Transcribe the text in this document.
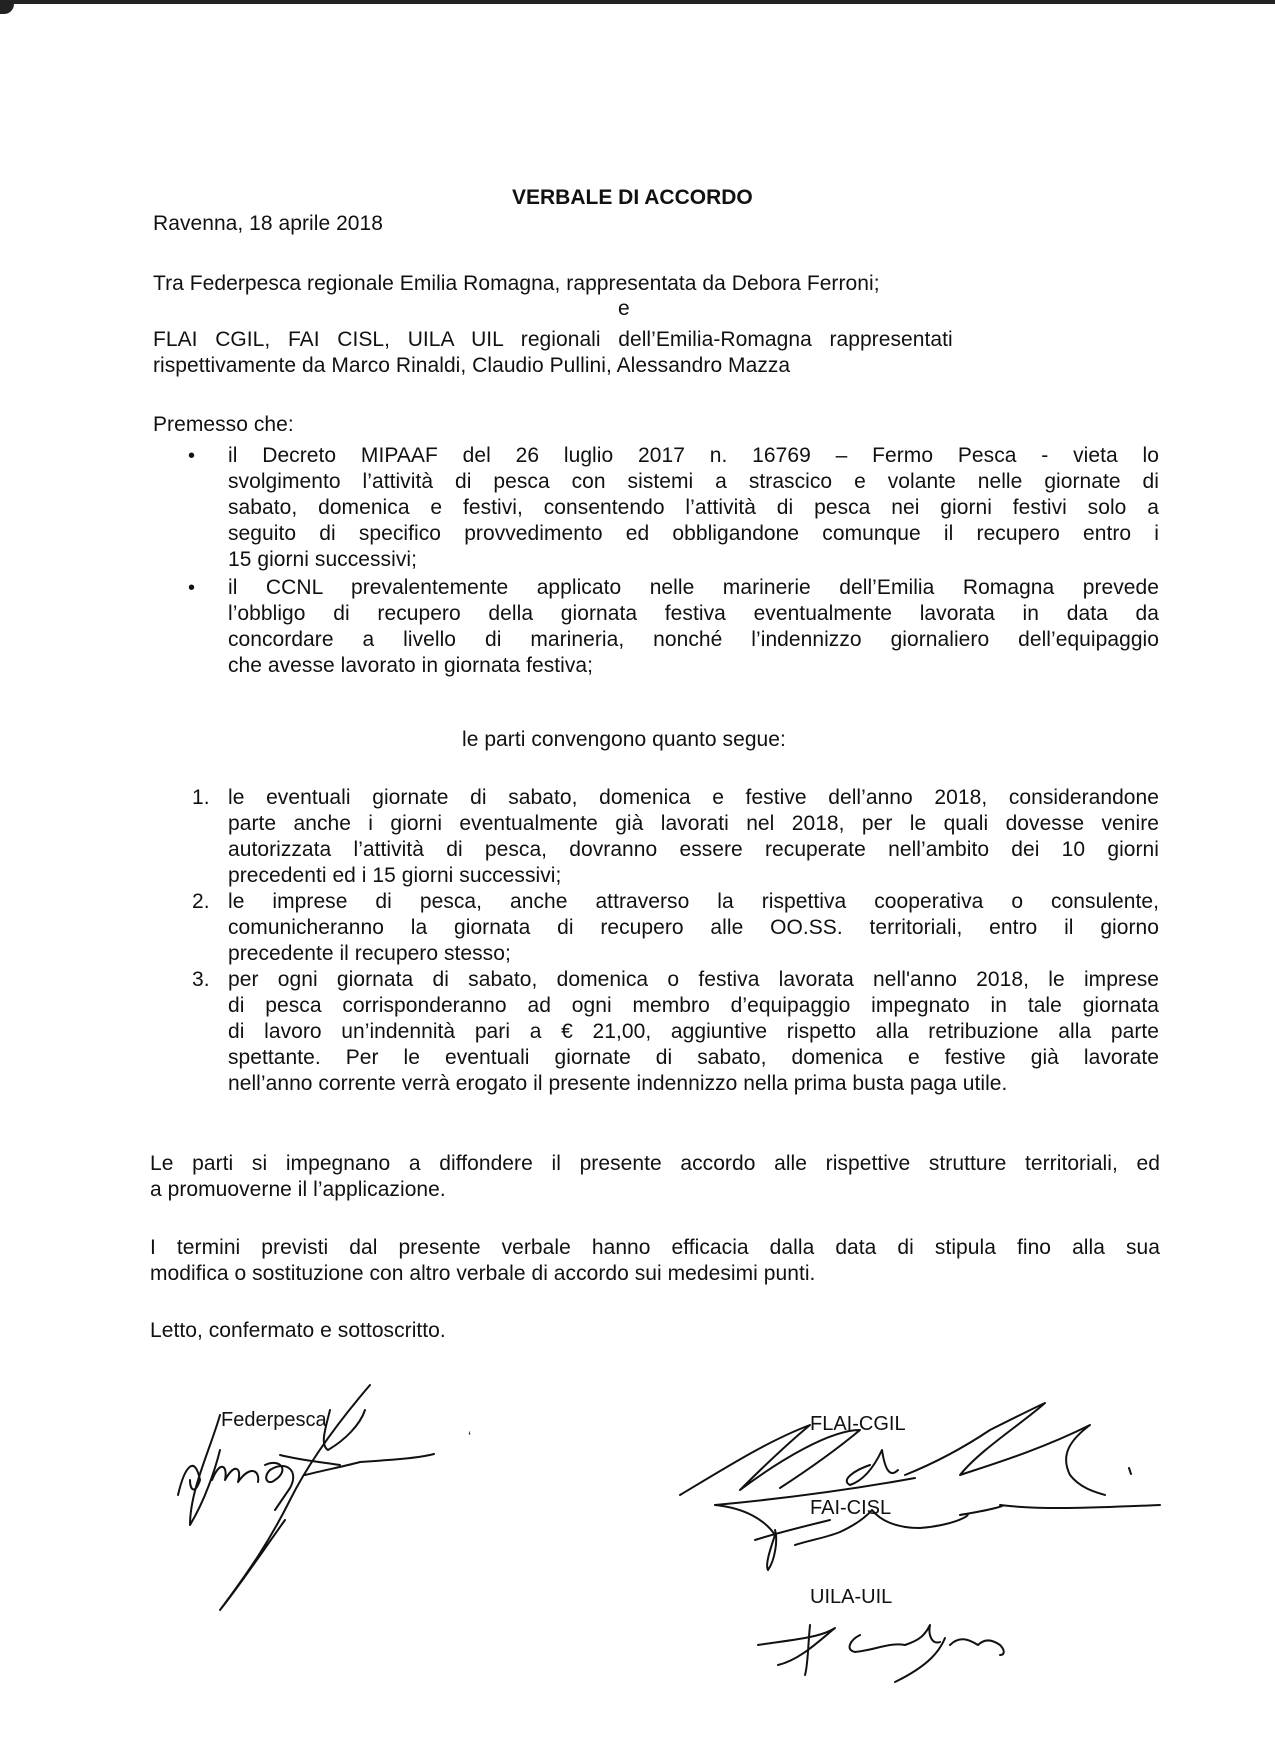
VERBALE DI ACCORDO
Ravenna, 18 aprile 2018
Tra Federpesca regionale Emilia Romagna, rappresentata da Debora Ferroni;
e
FLAI   CGIL,   FAI   CISL,   UILA   UIL   regionali   dell’Emilia-Romagna   rappresentati
rispettivamente da Marco Rinaldi, Claudio Pullini, Alessandro Mazza
Premesso che:
• il Decreto MIPAAF del 26 luglio 2017 n. 16769 – Fermo Pesca - vieta lo
svolgimento l’attività di pesca con sistemi a strascico e volante nelle giornate di
sabato, domenica e festivi, consentendo l’attività di pesca nei giorni festivi solo a
seguito di specifico provvedimento ed obbligandone comunque il recupero entro i
15 giorni successivi;
• il CCNL prevalentemente applicato nelle marinerie dell’Emilia Romagna prevede
l’obbligo di recupero della giornata festiva eventualmente lavorata in data da
concordare a livello di marineria, nonché l’indennizzo giornaliero dell’equipaggio
che avesse lavorato in giornata festiva;
le parti convengono quanto segue:
1. le eventuali giornate di sabato, domenica e festive dell’anno 2018, considerandone
parte anche i giorni eventualmente già lavorati nel 2018, per le quali dovesse venire
autorizzata l’attività di pesca, dovranno essere recuperate nell’ambito dei 10 giorni
precedenti ed i 15 giorni successivi;
2. le imprese di pesca, anche attraverso la rispettiva cooperativa o consulente,
comunicheranno la giornata di recupero alle OO.SS. territoriali, entro il giorno
precedente il recupero stesso;
3. per ogni giornata di sabato, domenica o festiva lavorata nell'anno 2018, le imprese
di pesca corrisponderanno ad ogni membro d’equipaggio impegnato in tale giornata
di lavoro un’indennità pari a € 21,00, aggiuntive rispetto alla retribuzione alla parte
spettante. Per le eventuali giornate di sabato, domenica e festive già lavorate
nell’anno corrente verrà erogato il presente indennizzo nella prima busta paga utile.
Le parti si impegnano a diffondere il presente accordo alle rispettive strutture territoriali, ed
a promuoverne il l’applicazione.
I termini previsti dal presente verbale hanno efficacia dalla data di stipula fino alla sua
modifica o sostituzione con altro verbale di accordo sui medesimi punti.
Letto, confermato e sottoscritto.
Federpesca
‘
FLAI-CGIL
FAI-CISL
UILA-UIL
